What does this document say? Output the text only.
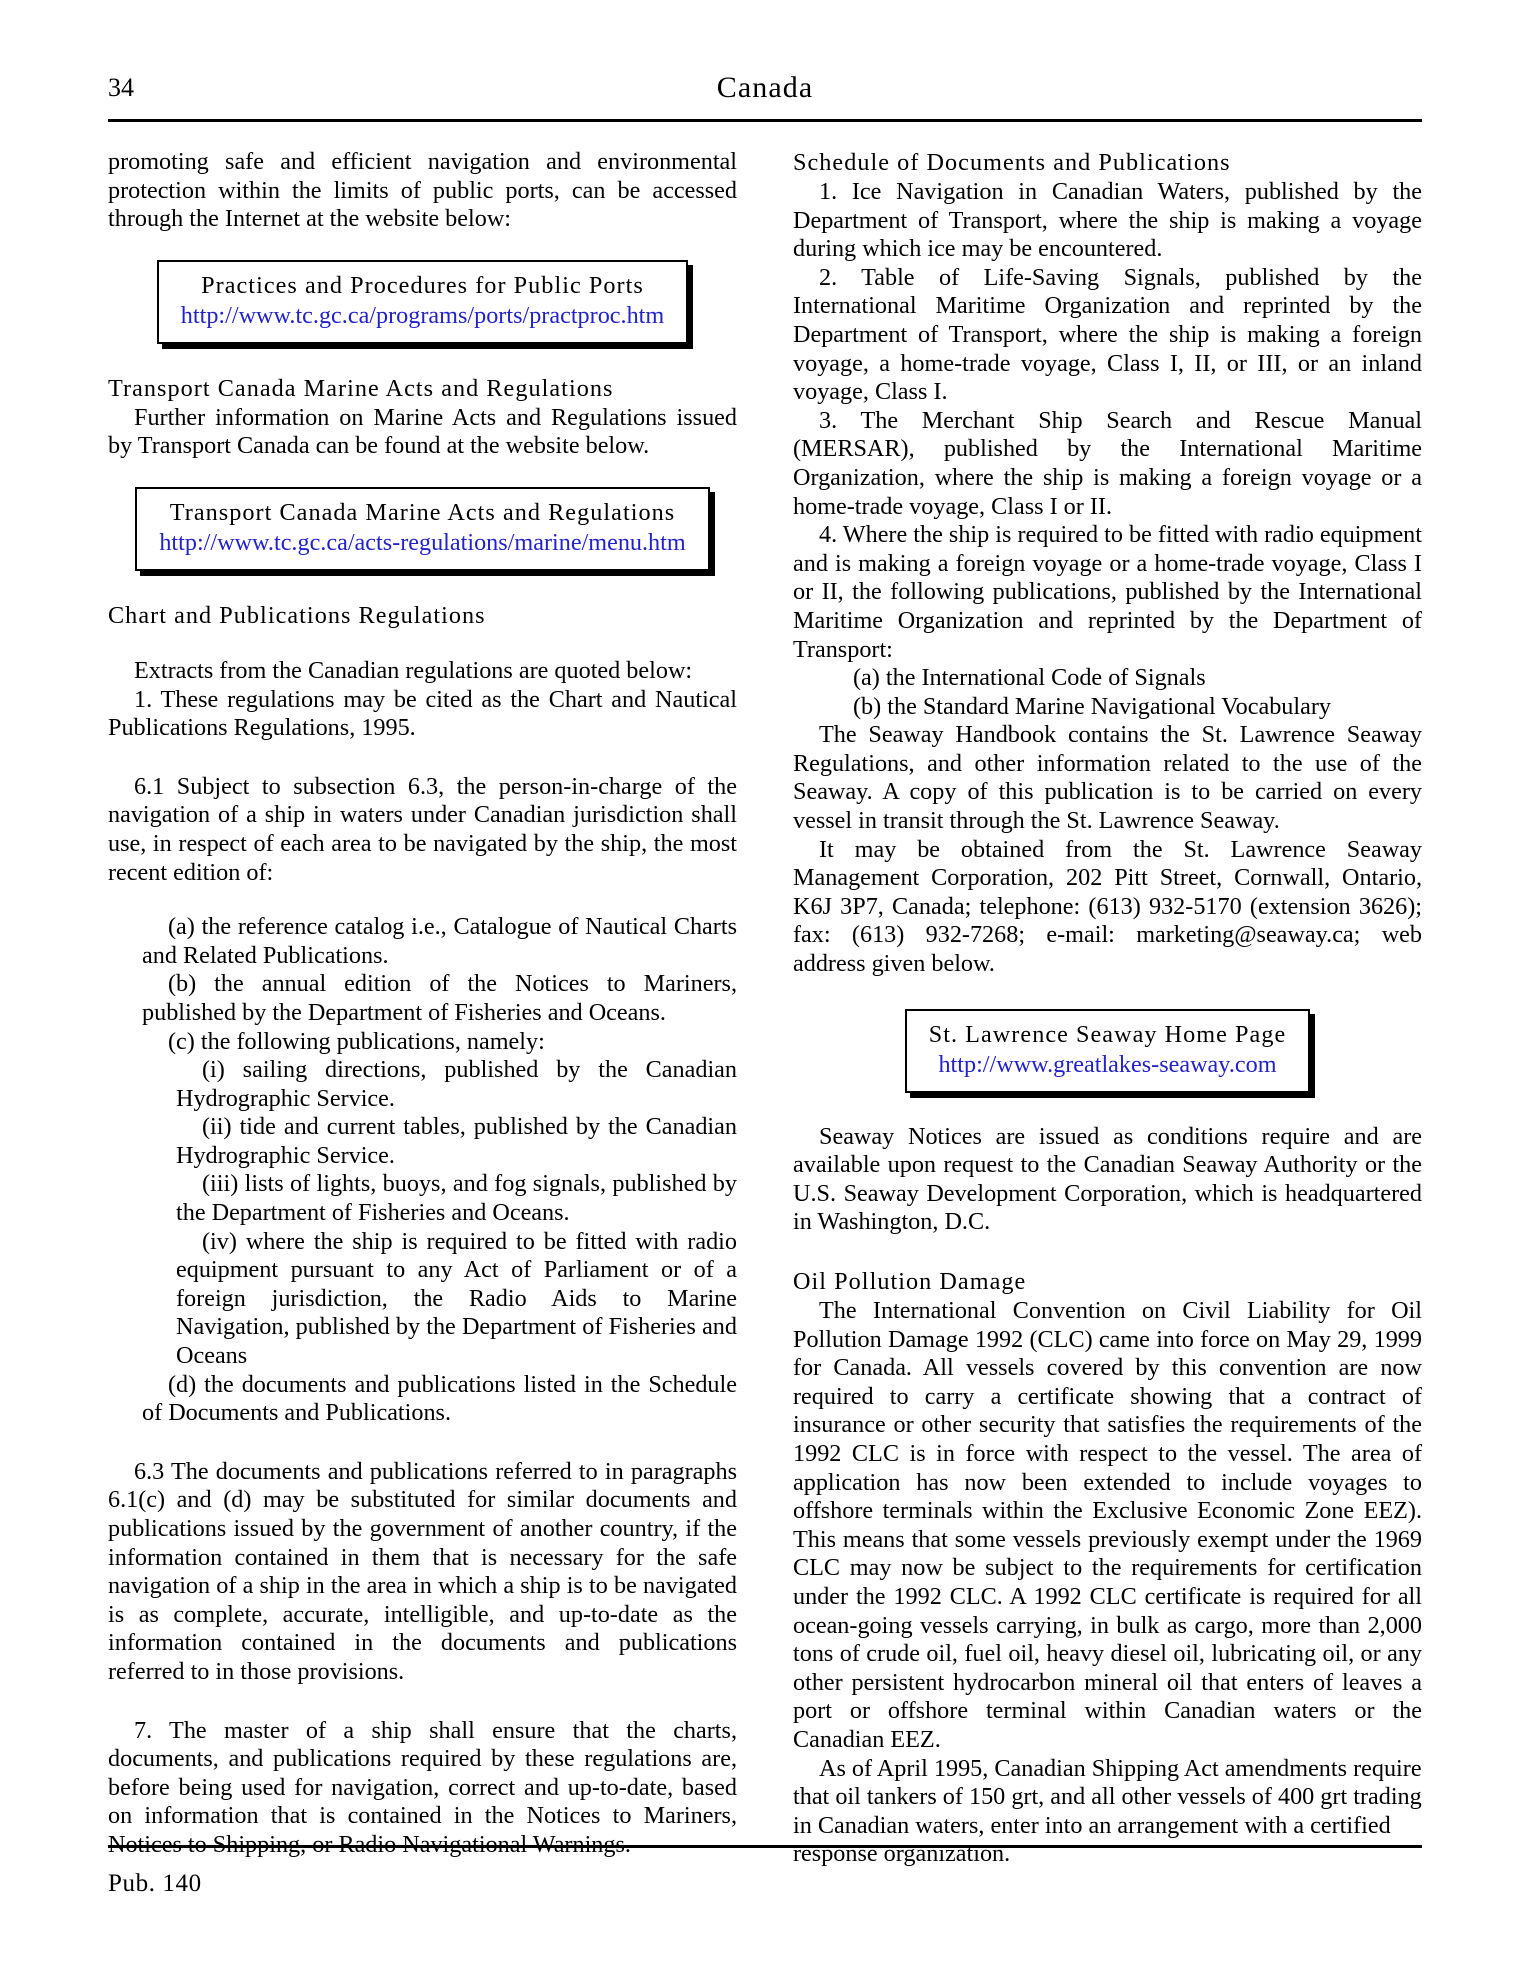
34	Canada

promoting safe and efficient navigation and environmental protection within the limits of public ports, can be accessed through the Internet at the website below:

Practices and Procedures for Public Ports
http://www.tc.gc.ca/programs/ports/practproc.htm
Transport Canada Marine Acts and Regulations

Further information on Marine Acts and Regulations issued by Transport Canada can be found at the website below.

Transport Canada Marine Acts and Regulations
http://www.tc.gc.ca/acts-regulations/marine/menu.htm
Chart and Publications Regulations

Extracts from the Canadian regulations are quoted below:

1. These regulations may be cited as the Chart and Nautical Publications Regulations, 1995.

6.1 Subject to subsection 6.3, the person-in-charge of the navigation of a ship in waters under Canadian jurisdiction shall use, in respect of each area to be navigated by the ship, the most recent edition of:

(a) the reference catalog i.e., Catalogue of Nautical Charts and Related Publications.

(b) the annual edition of the Notices to Mariners, published by the Department of Fisheries and Oceans.

(c) the following publications, namely:

(i) sailing directions, published by the Canadian Hydrographic Service.

(ii) tide and current tables, published by the Canadian Hydrographic Service.

(iii) lists of lights, buoys, and fog signals, published by the Department of Fisheries and Oceans.

(iv) where the ship is required to be fitted with radio equipment pursuant to any Act of Parliament or of a foreign jurisdiction, the Radio Aids to Marine Navigation, published by the Department of Fisheries and Oceans

(d) the documents and publications listed in the Schedule of Documents and Publications.

6.3 The documents and publications referred to in paragraphs 6.1(c) and (d) may be substituted for similar documents and publications issued by the government of another country, if the information contained in them that is necessary for the safe navigation of a ship in the area in which a ship is to be navigated is as complete, accurate, intelligible, and up-to-date as the information contained in the documents and publications referred to in those provisions.

7. The master of a ship shall ensure that the charts, documents, and publications required by these regulations are, before being used for navigation, correct and up-to-date, based on information that is contained in the Notices to Mariners, Notices to Shipping, or Radio Navigational Warnings.

Schedule of Documents and Publications

1. Ice Navigation in Canadian Waters, published by the Department of Transport, where the ship is making a voyage during which ice may be encountered.

2. Table of Life-Saving Signals, published by the International Maritime Organization and reprinted by the Department of Transport, where the ship is making a foreign voyage, a home-trade voyage, Class I, II, or III, or an inland voyage, Class I.

3. The Merchant Ship Search and Rescue Manual (MERSAR), published by the International Maritime Organization, where the ship is making a foreign voyage or a home-trade voyage, Class I or II.

4. Where the ship is required to be fitted with radio equipment and is making a foreign voyage or a home-trade voyage, Class I or II, the following publications, published by the International Maritime Organization and reprinted by the Department of Transport:

(a) the International Code of Signals

(b) the Standard Marine Navigational Vocabulary

The Seaway Handbook contains the St. Lawrence Seaway Regulations, and other information related to the use of the Seaway. A copy of this publication is to be carried on every vessel in transit through the St. Lawrence Seaway.

It may be obtained from the St. Lawrence Seaway Management Corporation, 202 Pitt Street, Cornwall, Ontario, K6J 3P7, Canada; telephone: (613) 932-5170 (extension 3626); fax: (613) 932-7268; e-mail: marketing@seaway.ca; web address given below.

St. Lawrence Seaway Home Page
http://www.greatlakes-seaway.com

Seaway Notices are issued as conditions require and are available upon request to the Canadian Seaway Authority or the U.S. Seaway Development Corporation, which is headquartered in Washington, D.C.

Oil Pollution Damage

The International Convention on Civil Liability for Oil Pollution Damage 1992 (CLC) came into force on May 29, 1999 for Canada. All vessels covered by this convention are now required to carry a certificate showing that a contract of insurance or other security that satisfies the requirements of the 1992 CLC is in force with respect to the vessel. The area of application has now been extended to include voyages to offshore terminals within the Exclusive Economic Zone EEZ). This means that some vessels previously exempt under the 1969 CLC may now be subject to the requirements for certification under the 1992 CLC. A 1992 CLC certificate is required for all ocean-going vessels carrying, in bulk as cargo, more than 2,000 tons of crude oil, fuel oil, heavy diesel oil, lubricating oil, or any other persistent hydrocarbon mineral oil that enters of leaves a port or offshore terminal within Canadian waters or the Canadian EEZ.

As of April 1995, Canadian Shipping Act amendments require that oil tankers of 150 grt, and all other vessels of 400 grt trading in Canadian waters, enter into an arrangement with a certified response organization.

Pub. 140
